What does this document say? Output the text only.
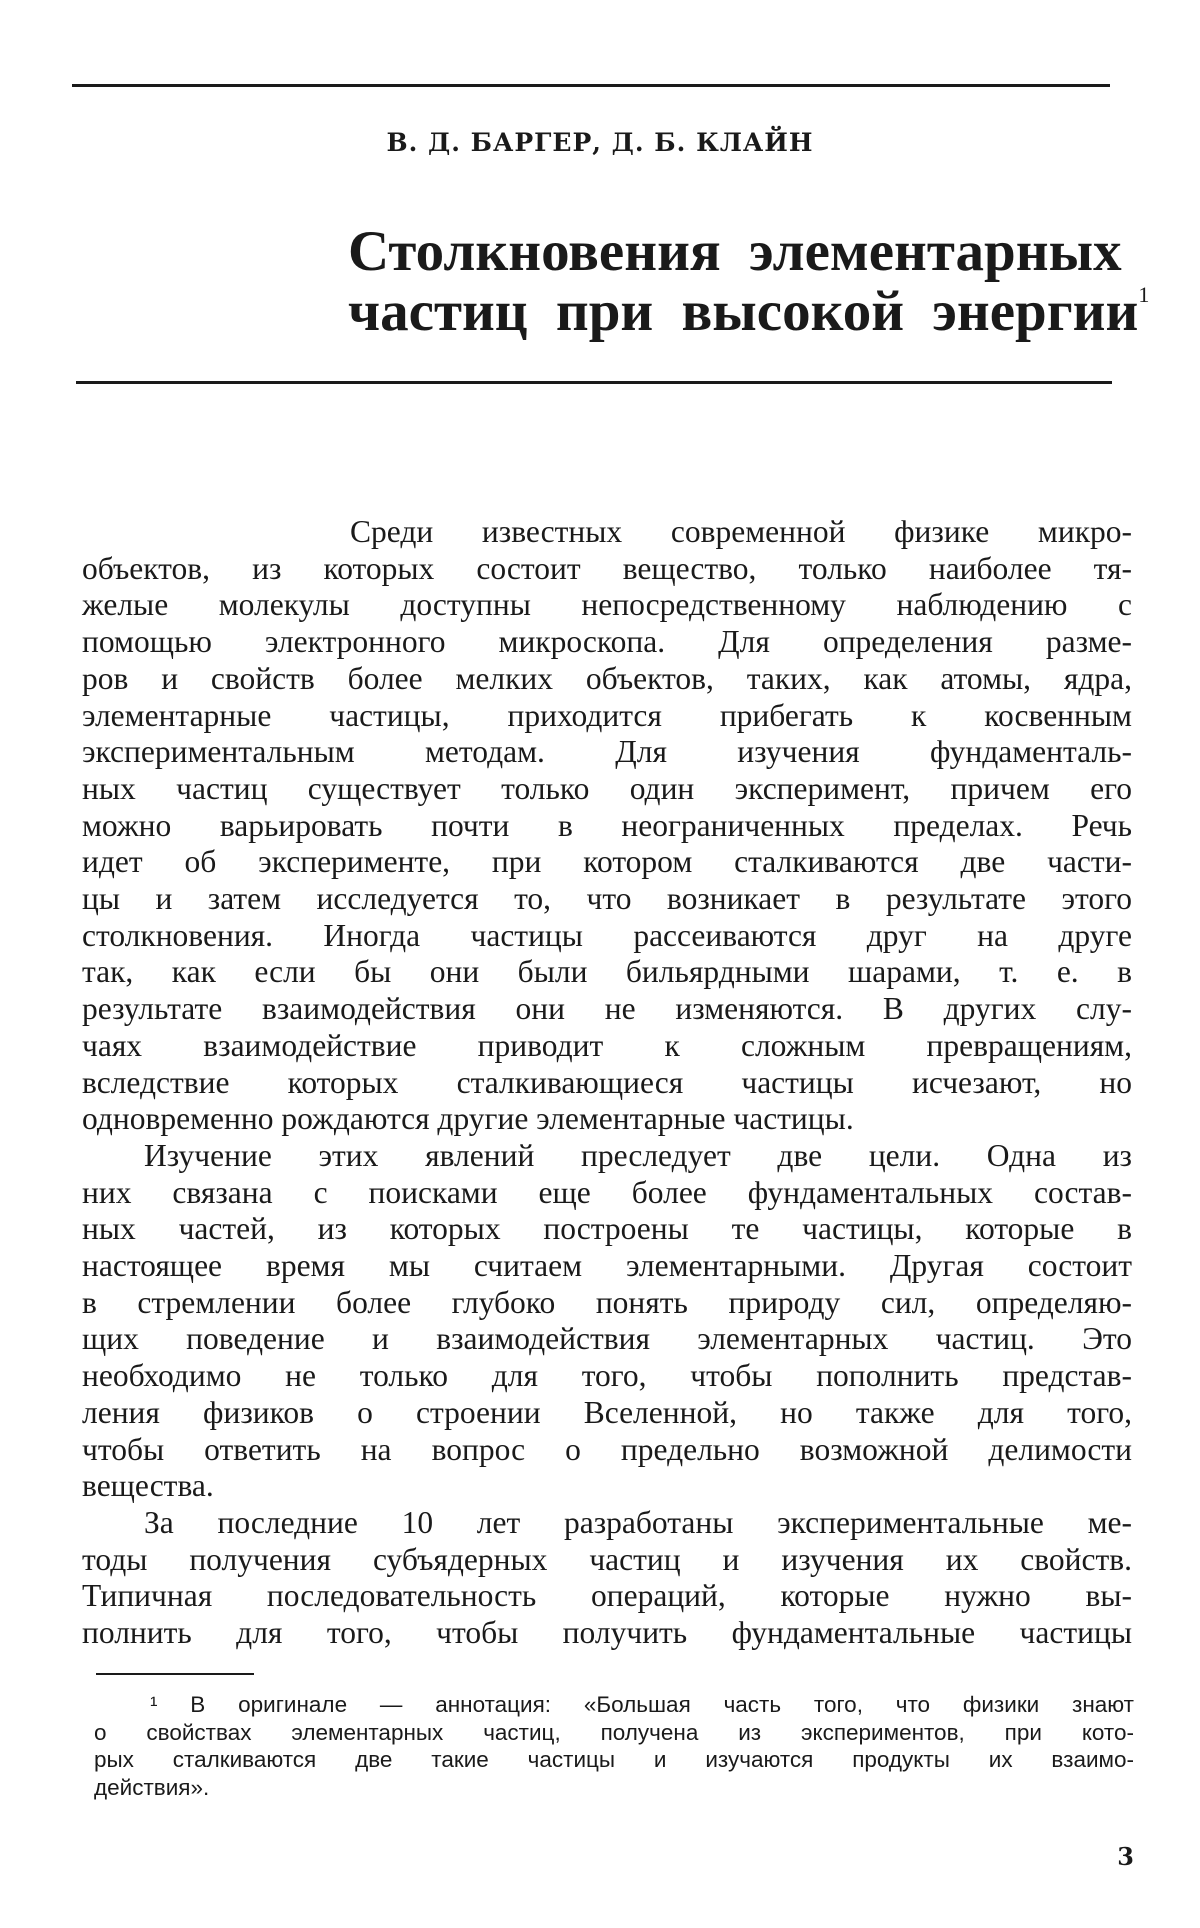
В. Д. БАРГЕР, Д. Б. КЛАЙН
Столкновения элементарных
частиц при высокой энергии$^1$
Среди известных современной физике микро-
объектов, из которых состоит вещество, только наиболее тя-
желые молекулы доступны непосредственному наблюдению с
помощью электронного микроскопа. Для определения разме-
ров и свойств более мелких объектов, таких, как атомы, ядра,
элементарные частицы, приходится прибегать к косвенным
экспериментальным методам. Для изучения фундаменталь-
ных частиц существует только один эксперимент, причем его
можно варьировать почти в неограниченных пределах. Речь
идет об эксперименте, при котором сталкиваются две части-
цы и затем исследуется то, что возникает в результате этого
столкновения. Иногда частицы рассеиваются друг на друге
так, как если бы они были бильярдными шарами, т. е. в
результате взаимодействия они не изменяются. В других слу-
чаях взаимодействие приводит к сложным превращениям,
вследствие которых сталкивающиеся частицы исчезают, но
одновременно рождаются другие элементарные частицы.
Изучение этих явлений преследует две цели. Одна из
них связана с поисками еще более фундаментальных состав-
ных частей, из которых построены те частицы, которые в
настоящее время мы считаем элементарными. Другая состоит
в стремлении более глубоко понять природу сил, определяю-
щих поведение и взаимодействия элементарных частиц. Это
необходимо не только для того, чтобы пополнить представ-
ления физиков о строении Вселенной, но также для того,
чтобы ответить на вопрос о предельно возможной делимости
вещества.
За последние 10 лет разработаны экспериментальные ме-
тоды получения субъядерных частиц и изучения их свойств.
Типичная последовательность операций, которые нужно вы-
полнить для того, чтобы получить фундаментальные частицы
¹ В оригинале — аннотация: «Большая часть того, что физики знают
о свойствах элементарных частиц, получена из экспериментов, при кото-
рых сталкиваются две такие частицы и изучаются продукты их взаимо-
действия».
3
